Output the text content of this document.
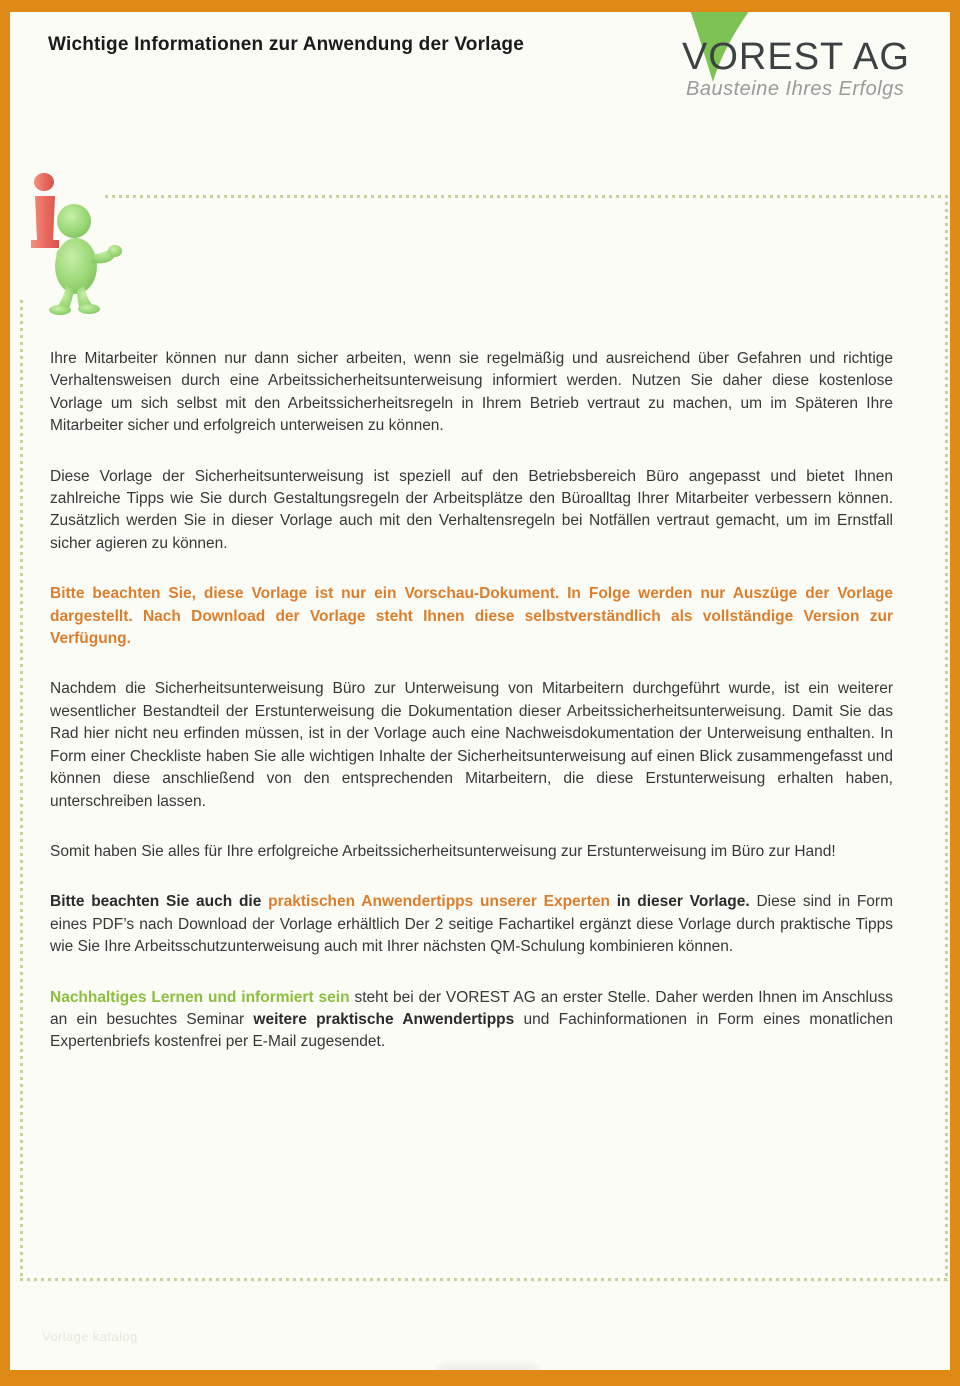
Wichtige Informationen zur Anwendung der Vorlage	VOREST AG
Bausteine Ihres Erfolgs

Ihre Mitarbeiter können nur dann sicher arbeiten, wenn sie regelmäßig und ausreichend über Gefahren und richtige Verhaltensweisen durch eine Arbeitssicherheitsunterweisung informiert werden. Nutzen Sie daher diese kostenlose Vorlage um sich selbst mit den Arbeitssicherheitsregeln in Ihrem Betrieb vertraut zu machen, um im Späteren Ihre Mitarbeiter sicher und erfolgreich unterweisen zu können.

Diese Vorlage der Sicherheitsunterweisung ist speziell auf den Betriebsbereich Büro angepasst und bietet Ihnen zahlreiche Tipps wie Sie durch Gestaltungsregeln der Arbeitsplätze den Büroalltag Ihrer Mitarbeiter verbessern können. Zusätzlich werden Sie in dieser Vorlage auch mit den Verhaltensregeln bei Notfällen vertraut gemacht, um im Ernstfall sicher agieren zu können.

Bitte beachten Sie, diese Vorlage ist nur ein Vorschau-Dokument. In Folge werden nur Auszüge der Vorlage dargestellt. Nach Download der Vorlage steht Ihnen diese selbstverständlich als vollständige Version zur Verfügung.

Nachdem die Sicherheitsunterweisung Büro zur Unterweisung von Mitarbeitern durchgeführt wurde, ist ein weiterer wesentlicher Bestandteil der Erstunterweisung die Dokumentation dieser Arbeitssicherheitsunterweisung. Damit Sie das Rad hier nicht neu erfinden müssen, ist in der Vorlage auch eine Nachweisdokumentation der Unterweisung enthalten. In Form einer Checkliste haben Sie alle wichtigen Inhalte der Sicherheitsunterweisung auf einen Blick zusammengefasst und können diese anschließend von den entsprechenden Mitarbeitern, die diese Erstunterweisung erhalten haben, unterschreiben lassen.

Somit haben Sie alles für Ihre erfolgreiche Arbeitssicherheitsunterweisung zur Erstunterweisung im Büro zur Hand!

Bitte beachten Sie auch die praktischen Anwendertipps unserer Experten in dieser Vorlage. Diese sind in Form eines PDF’s nach Download der Vorlage erhältlich Der 2 seitige Fachartikel ergänzt diese Vorlage durch praktische Tipps wie Sie Ihre Arbeitsschutzunterweisung auch mit Ihrer nächsten QM-Schulung kombinieren können.

Nachhaltiges Lernen und informiert sein steht bei der VOREST AG an erster Stelle. Daher werden Ihnen im Anschluss an ein besuchtes Seminar weitere praktische Anwendertipps und Fachinformationen in Form eines monatlichen Expertenbriefs kostenfrei per E-Mail zugesendet.

Vorlage katalog
